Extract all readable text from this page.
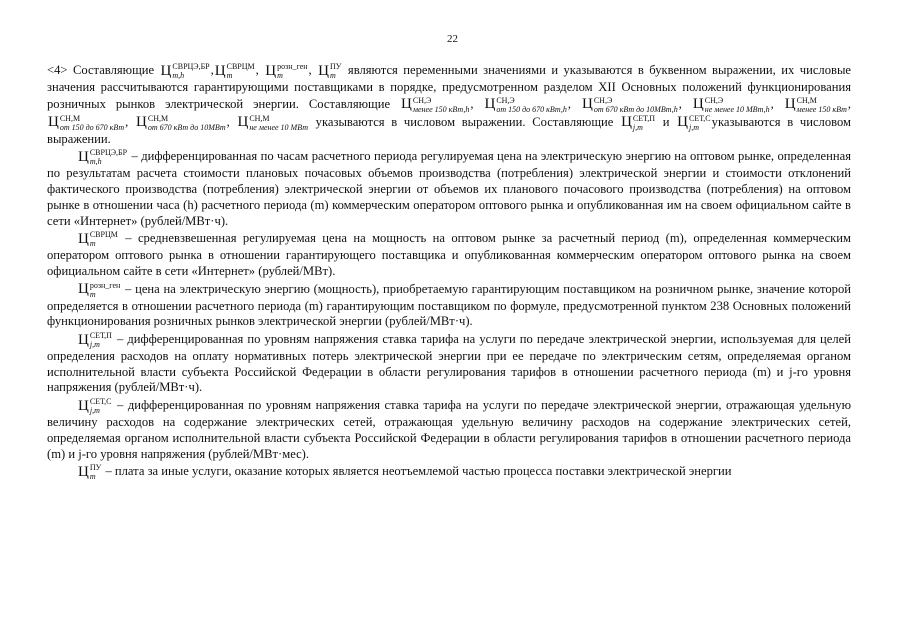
22

<4> Составляющие Ц СВРЦЭ,БР
m,h	, Ц СВРЦМ
m	, Ц розн_ген
m	, Ц ПУ
m являются переменными значениями и указываются в буквенном выражении, их числовые значения рассчитываются гарантирующими поставщиками в порядке, предусмотренном разделом XII Основных положений функционирования розничных рынков электрической энергии. Составляющие Ц СН,Э
менее 150 кВт,h , Ц СН,Э
от 150 до 670 кВт,h , Ц СН,Э
от 670 кВт до 10МВт,h , Ц СН,Э
не менее 10 МВт,h , Ц СН,М
менее 150 кВт ,
Ц СН,М
от 150 до 670 кВт , Ц СН,М
от 670 кВт до 10МВт , Ц СН,М
не менее 10 МВт указываются в числовом выражении. Составляющие Ц СЕТ,П
j,m	и Ц СЕТ,С
j,m	указываются в числовом выражении.

Ц СВРЦЭ,БР
m,h	– дифференцированная по часам расчетного периода регулируемая цена на электрическую энергию на оптовом рынке, определенная по результатам расчета стоимости плановых почасовых объемов производства (потребления) электрической энергии и стоимости отклонений фактического производства (потребления) электрической энергии от объемов их планового почасового производства (потребления) на оптовом рынке в отношении часа (h) расчетного периода (m) коммерческим оператором оптового рынка и опубликованная им на своем официальном сайте в сети «Интернет» (рублей/МВт·ч).

Ц СВРЦМ
m	– средневзвешенная регулируемая цена на мощность на оптовом рынке за расчетный период (m), определенная коммерческим оператором оптового рынка в отношении гарантирующего поставщика и опубликованная коммерческим оператором оптового рынка на своем официальном сайте в сети «Интернет» (рублей/МВт).

Ц розн_ген
m	– цена на электрическую энергию (мощность), приобретаемую гарантирующим поставщиком на розничном рынке, значение которой определяется в отношении расчетного периода (m) гарантирующим поставщиком по формуле, предусмотренной пунктом 238 Основных положений функционирования розничных рынков электрической энергии (рублей/МВт·ч).

Ц СЕТ,П
j,m	– дифференцированная по уровням напряжения ставка тарифа на услуги по передаче электрической энергии, используемая для целей определения расходов на оплату нормативных потерь электрической энергии при ее передаче по электрическим сетям, определяемая органом исполнительной власти субъекта Российской Федерации в области регулирования тарифов в отношении расчетного периода (m) и j-го уровня напряжения (рублей/МВт·ч).

Ц СЕТ,С
j,m	– дифференцированная по уровням напряжения ставка тарифа на услуги по передаче электрической энергии, отражающая удельную величину расходов на содержание электрических сетей, отражающая удельную величину расходов на содержание электрических сетей, определяемая органом исполнительной власти субъекта Российской Федерации в области регулирования тарифов в отношении расчетного периода (m) и j-го уровня напряжения (рублей/МВт·мес).

Ц ПУ
m – плата за иные услуги, оказание которых является неотъемлемой частью процесса поставки электрической энергии
